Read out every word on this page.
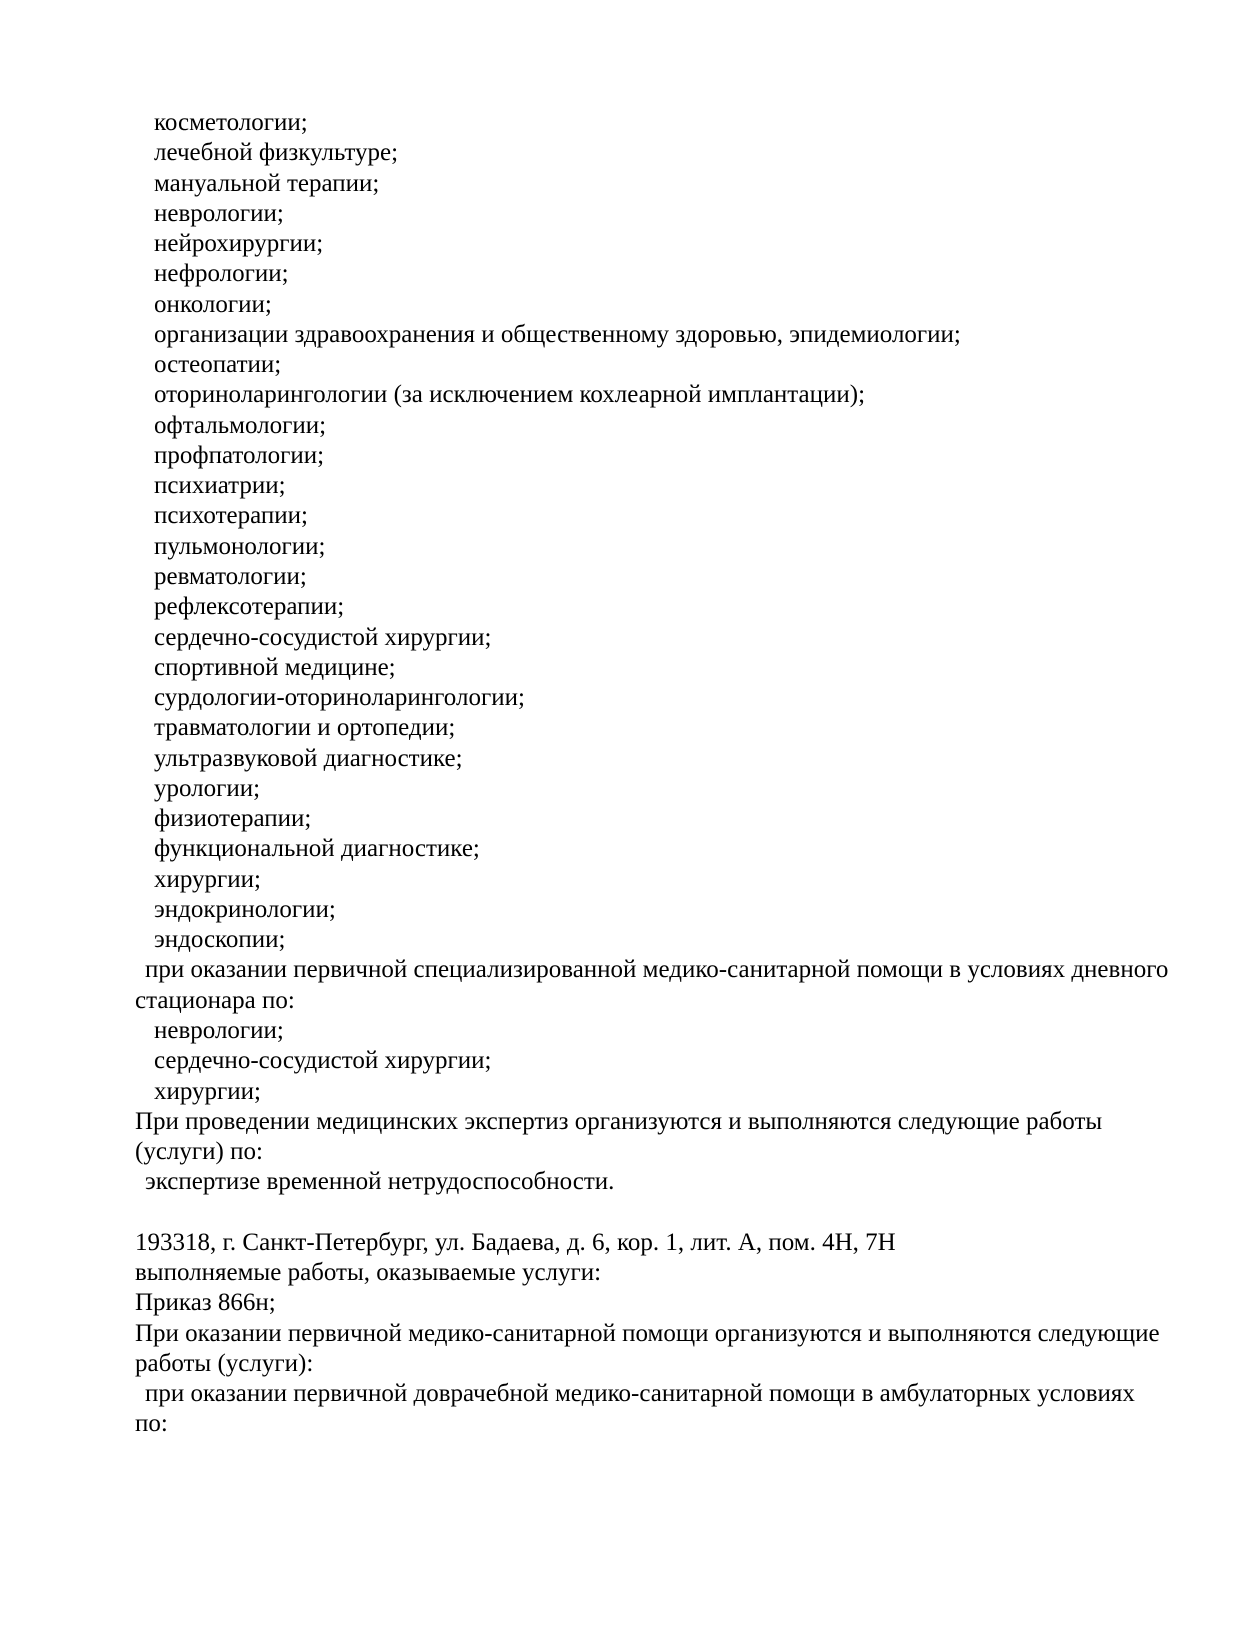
косметологии;
лечебной физкультуре;
мануальной терапии;
неврологии;
нейрохирургии;
нефрологии;
онкологии;
организации здравоохранения и общественному здоровью, эпидемиологии;
остеопатии;
оториноларингологии (за исключением кохлеарной имплантации);
офтальмологии;
профпатологии;
психиатрии;
психотерапии;
пульмонологии;
ревматологии;
рефлексотерапии;
сердечно-сосудистой хирургии;
спортивной медицине;
сурдологии-оториноларингологии;
травматологии и ортопедии;
ультразвуковой диагностике;
урологии;
физиотерапии;
функциональной диагностике;
хирургии;
эндокринологии;
эндоскопии;
при оказании первичной специализированной медико-санитарной помощи в условиях дневного
стационара по:
неврологии;
сердечно-сосудистой хирургии;
хирургии;
При проведении медицинских экспертиз организуются и выполняются следующие работы
(услуги) по:
экспертизе временной нетрудоспособности.
193318, г. Санкт-Петербург, ул. Бадаева, д. 6, кор. 1, лит. А, пом. 4Н, 7Н
выполняемые работы, оказываемые услуги:
Приказ 866н;
При оказании первичной медико-санитарной помощи организуются и выполняются следующие
работы (услуги):
при оказании первичной доврачебной медико-санитарной помощи в амбулаторных условиях
по:
